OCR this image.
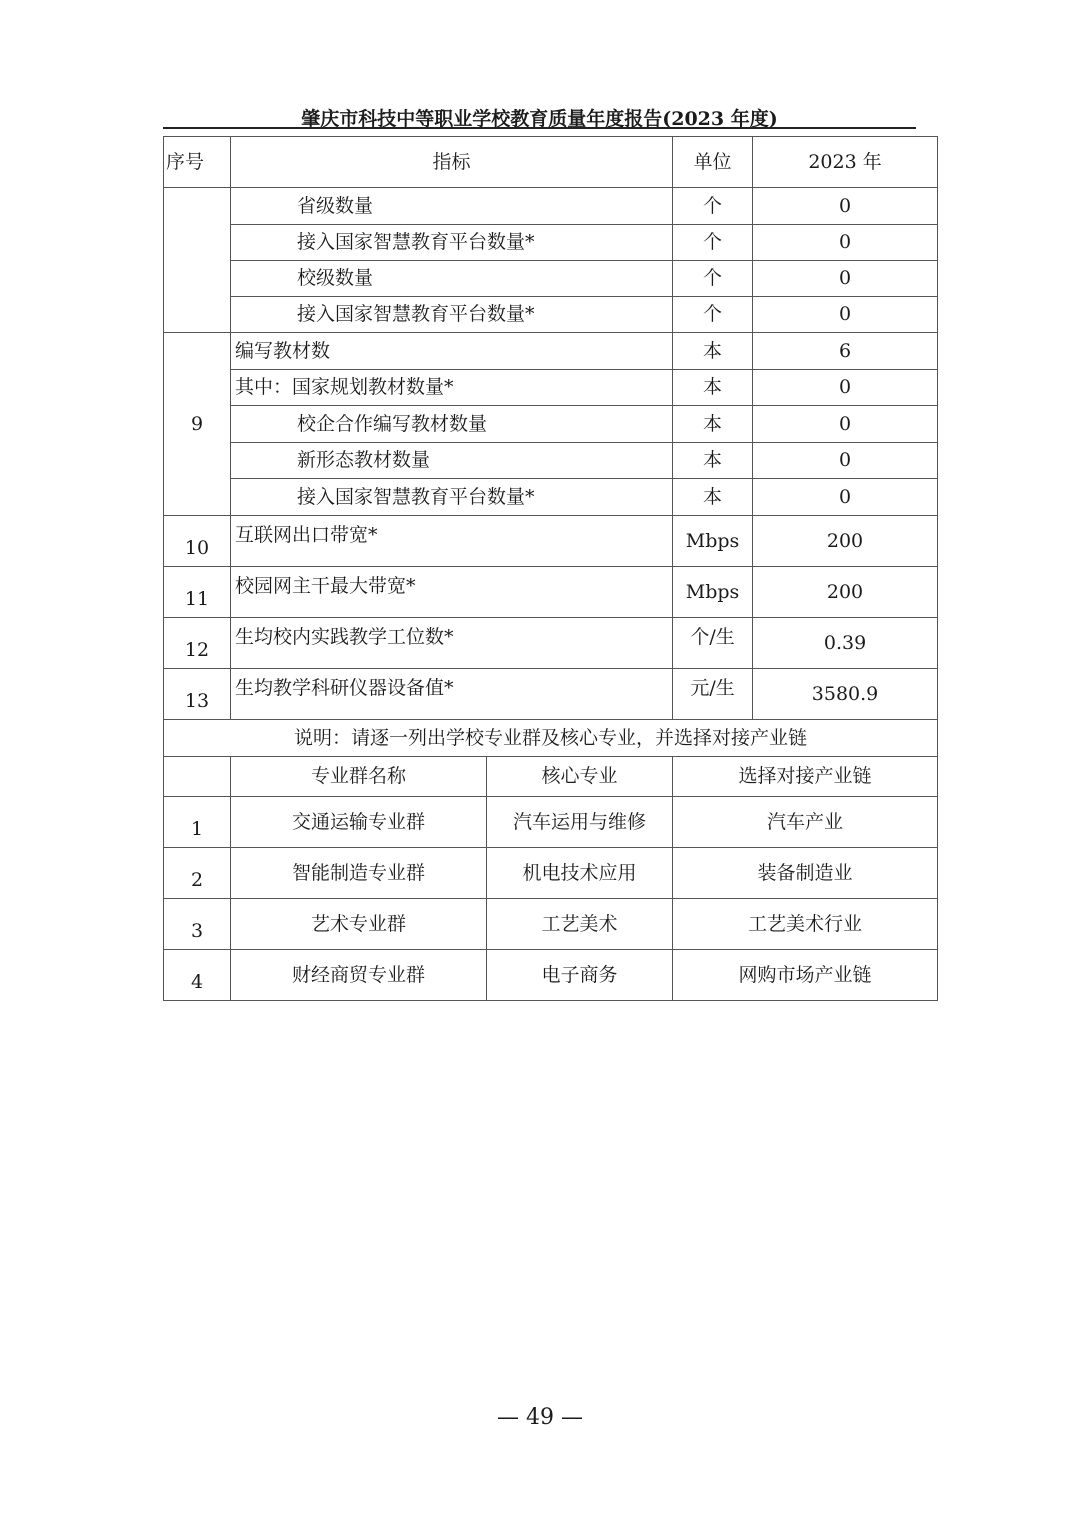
肇庆市科技中等职业学校教育质量年度报告(2023 年度)
序号	指标		单位	2023 年
	省级数量		个	0
	接入国家智慧教育平台数量*		个	0
	校级数量		个	0
	接入国家智慧教育平台数量*		个	0
9	编写教材数		本	6
	其中：国家规划教材数量*		本	0
	校企合作编写教材数量		本	0
	新形态教材数量		本	0
	接入国家智慧教育平台数量*		本	0
10	互联网出口带宽*		Mbps	200
11	校园网主干最大带宽*		Mbps	200
12	生均校内实践教学工位数*		个/生	0.39
13	生均教学科研仪器设备值*		元/生	3580.9
说明：请逐一列出学校专业群及核心专业，并选择对接产业链				
	专业群名称	核心专业	选择对接产业链	
1	交通运输专业群	汽车运用与维修	汽车产业	
2	智能制造专业群	机电技术应用	装备制造业	
3	艺术专业群	工艺美术	工艺美术行业	
4	财经商贸专业群	电子商务	网购市场产业链	
— 49 —
